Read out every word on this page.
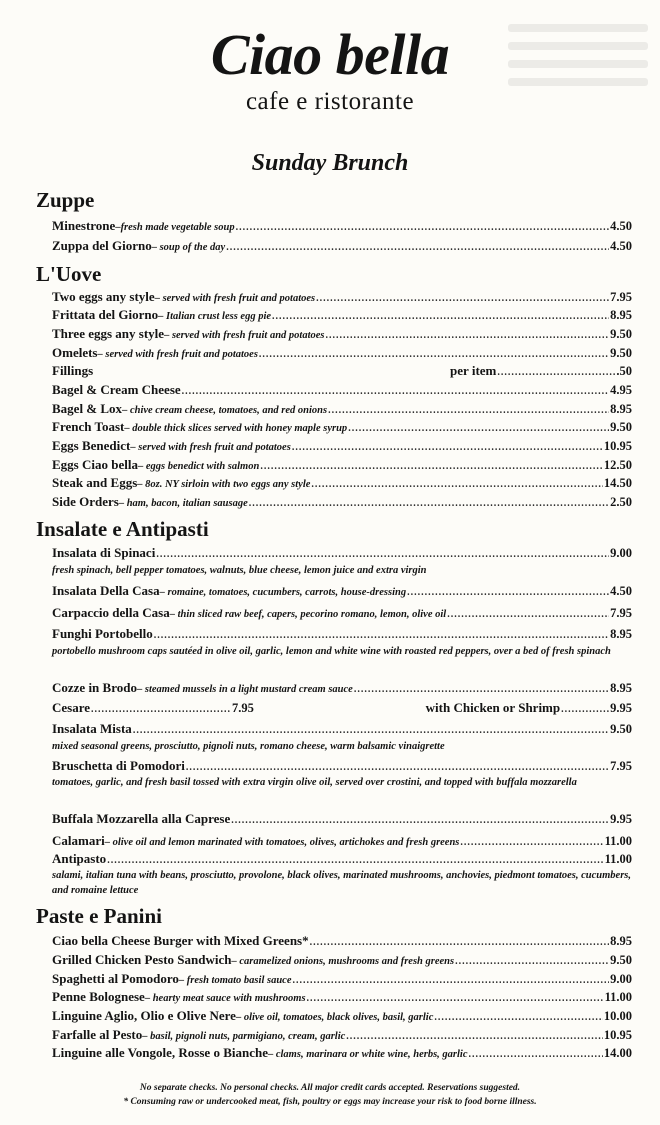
Ciao bella
cafe e ristorante
Sunday Brunch
Zuppe
Minestrone –fresh made vegetable soup .....	4.50
Zuppa del Giorno – soup of the day .....	4.50
L'Uove
Two eggs any style – served with fresh fruit and potatoes .....	7.95
Frittata del Giorno – Italian crust less egg pie .....	8.95
Three eggs any style – served with fresh fruit and potatoes .....	9.50
Omelets – served with fresh fruit and potatoes .....	9.50
Fillings	per item .....	.50
Bagel & Cream Cheese .....	4.95
Bagel & Lox – chive cream cheese, tomatoes, and red onions .....	8.95
French Toast – double thick slices served with honey maple syrup .....	9.50
Eggs Benedict – served with fresh fruit and potatoes .....	10.95
Eggs Ciao bella – eggs benedict with salmon .....	12.50
Steak and Eggs – 8oz. NY sirloin with two eggs any style .....	14.50
Side Orders – ham, bacon, italian sausage .....	2.50
Insalate e Antipasti
Insalata di Spinaci .....	9.00
fresh spinach, bell pepper tomatoes, walnuts, blue cheese, lemon juice and extra virgin
Insalata Della Casa – romaine, tomatoes, cucumbers, carrots, house-dressing .....	4.50
Carpaccio della Casa – thin sliced raw beef, capers, pecorino romano, lemon, olive oil .....	7.95
Funghi Portobello .....	8.95
portobello mushroom caps sautéed in olive oil, garlic, lemon and white wine with roasted red peppers, over a bed of fresh spinach
Cozze in Brodo – steamed mussels in a light mustard cream sauce .....	8.95
Cesare .....	7.95	with Chicken or Shrimp .....	9.95
Insalata Mista .....	9.50
mixed seasonal greens, prosciutto, pignoli nuts, romano cheese, warm balsamic vinaigrette
Bruschetta di Pomodori .....	7.95
tomatoes, garlic, and fresh basil tossed with extra virgin olive oil, served over crostini, and topped with buffala mozzarella
Buffala Mozzarella alla Caprese .....	9.95
Calamari – olive oil and lemon marinated with tomatoes, olives, artichokes and fresh greens .....	11.00
Antipasto .....	11.00
salami, italian tuna with beans, prosciutto, provolone, black olives, marinated mushrooms, anchovies, piedmont tomatoes, cucumbers, and romaine lettuce
Paste e Panini
Ciao bella Cheese Burger with Mixed Greens* .....	8.95
Grilled Chicken Pesto Sandwich – caramelized onions, mushrooms and fresh greens .....	9.50
Spaghetti al Pomodoro – fresh tomato basil sauce .....	9.00
Penne Bolognese – hearty meat sauce with mushrooms .....	11.00
Linguine Aglio, Olio e Olive Nere – olive oil, tomatoes, black olives, basil, garlic .....	10.00
Farfalle al Pesto – basil, pignoli nuts, parmigiano, cream, garlic .....	10.95
Linguine alle Vongole, Rosse o Bianche – clams, marinara or white wine, herbs, garlic .....	14.00
No separate checks. No personal checks. All major credit cards accepted. Reservations suggested.
* Consuming raw or undercooked meat, fish, poultry or eggs may increase your risk to food borne illness.
